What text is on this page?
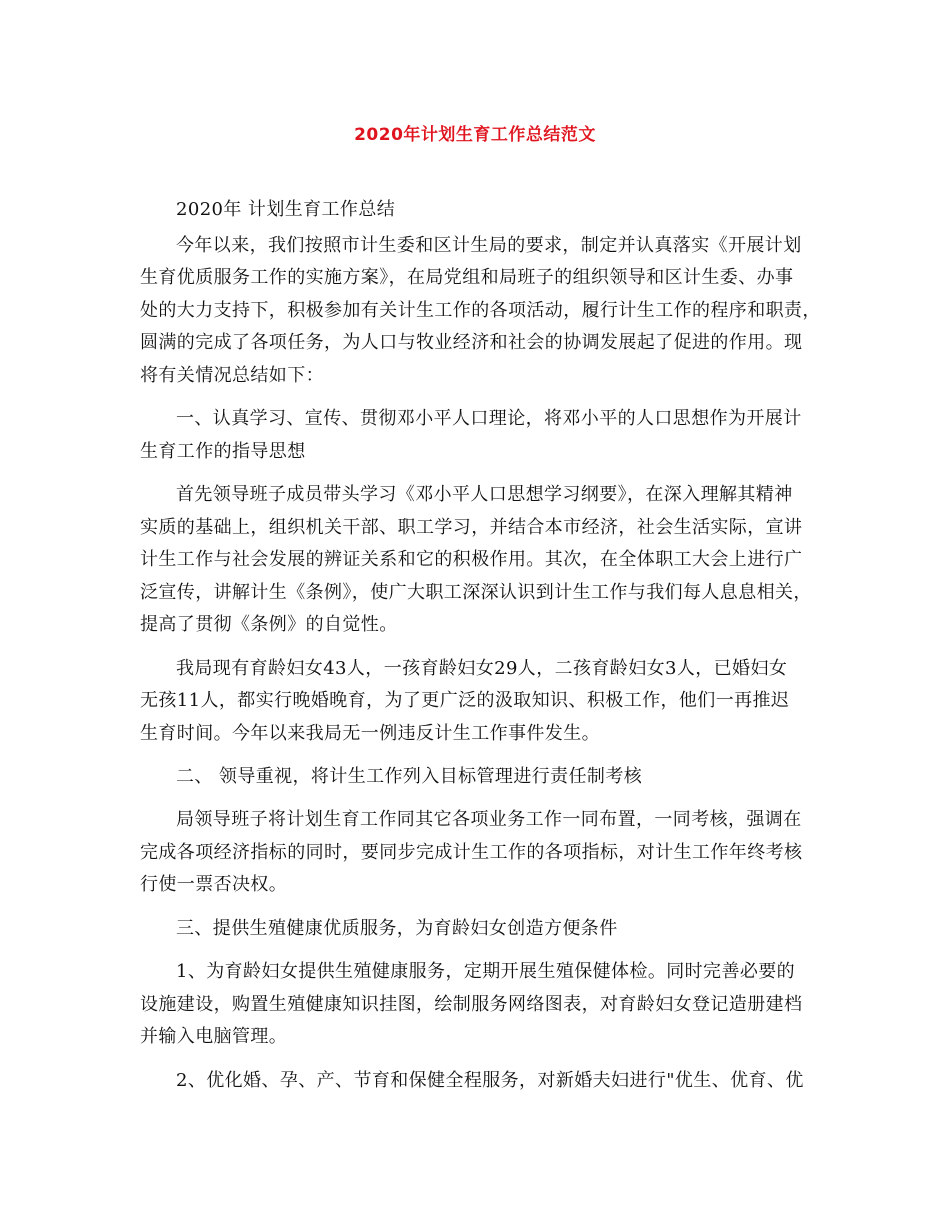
2020年计划生育工作总结范文
2020年 计划生育工作总结
今年以来，我们按照市计生委和区计生局的要求，制定并认真落实《开展计划
生育优质服务工作的实施方案》，在局党组和局班子的组织领导和区计生委、办事
处的大力支持下，积极参加有关计生工作的各项活动，履行计生工作的程序和职责，
圆满的完成了各项任务，为人口与牧业经济和社会的协调发展起了促进的作用。现
将有关情况总结如下：
一、认真学习、宣传、贯彻邓小平人口理论，将邓小平的人口思想作为开展计
生育工作的指导思想
首先领导班子成员带头学习《邓小平人口思想学习纲要》，在深入理解其精神
实质的基础上，组织机关干部、职工学习，并结合本市经济，社会生活实际，宣讲
计生工作与社会发展的辨证关系和它的积极作用。其次，在全体职工大会上进行广
泛宣传，讲解计生《条例》，使广大职工深深认识到计生工作与我们每人息息相关，
提高了贯彻《条例》的自觉性。
我局现有育龄妇女43人，一孩育龄妇女29人，二孩育龄妇女3人，已婚妇女
无孩11人，都实行晚婚晚育，为了更广泛的汲取知识、积极工作，他们一再推迟
生育时间。今年以来我局无一例违反计生工作事件发生。
二、 领导重视，将计生工作列入目标管理进行责任制考核
局领导班子将计划生育工作同其它各项业务工作一同布置，一同考核，强调在
完成各项经济指标的同时，要同步完成计生工作的各项指标，对计生工作年终考核
行使一票否决权。
三、提供生殖健康优质服务，为育龄妇女创造方便条件
1、为育龄妇女提供生殖健康服务，定期开展生殖保健体检。同时完善必要的
设施建设，购置生殖健康知识挂图，绘制服务网络图表，对育龄妇女登记造册建档
并输入电脑管理。
2、优化婚、孕、产、节育和保健全程服务，对新婚夫妇进行"优生、优育、优
